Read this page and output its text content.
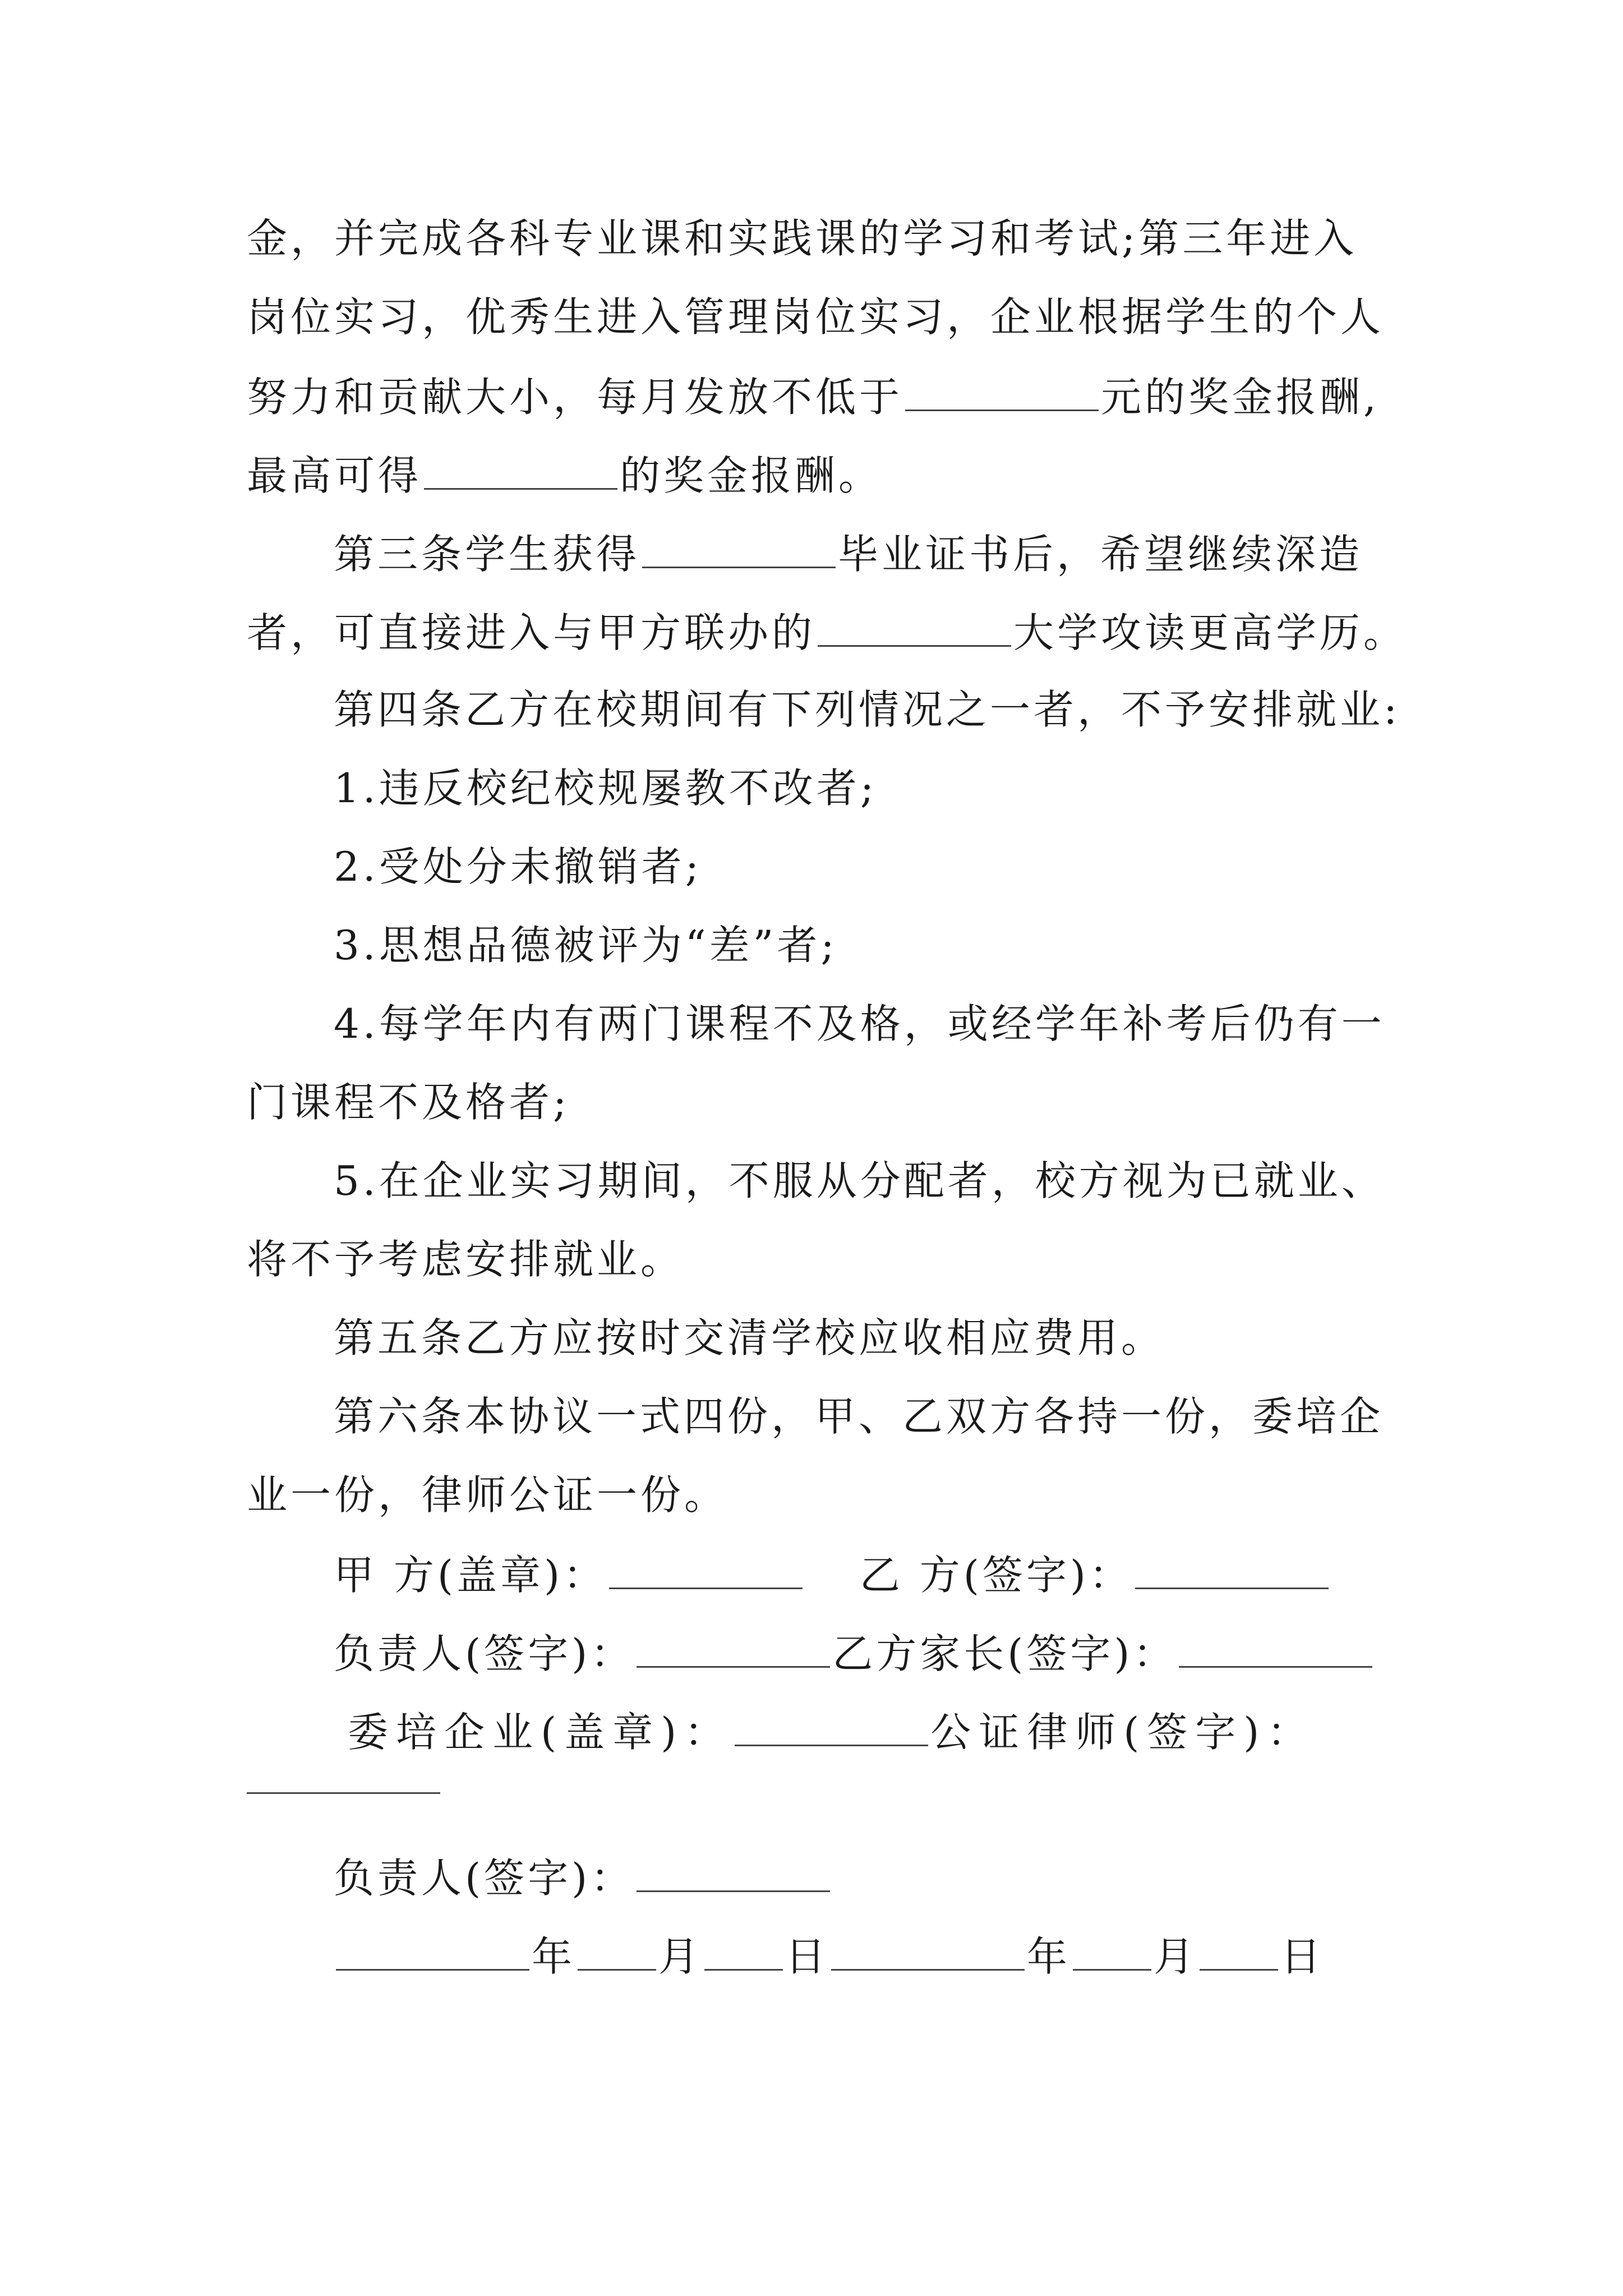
金，并完成各科专业课和实践课的学习和考试;第三年进入
岗位实习，优秀生进入管理岗位实习，企业根据学生的个人
努力和贡献大小，每月发放不低于	元的奖金报酬,
最高可得	的奖金报酬。
第三条学生获得	毕业证书后，希望继续深造
者，可直接进入与甲方联办的	大学攻读更高学历。
第四条乙方在校期间有下列情况之一者，不予安排就业:
1.违反校纪校规屡教不改者;
2.受处分未撤销者;
3.思想品德被评为“差”者;
4.每学年内有两门课程不及格，或经学年补考后仍有一
门课程不及格者;
5.在企业实习期间，不服从分配者，校方视为已就业、
将不予考虑安排就业。
第五条乙方应按时交清学校应收相应费用。
第六条本协议一式四份，甲、乙双方各持一份，委培企
业一份，律师公证一份。
甲 方(盖章)：	乙 方(签字)：
负责人(签字)：	乙方家长(签字)：
委培企业(盖章)：	公证律师(签字)：
负责人(签字)：
年 月 日	年 月 日
